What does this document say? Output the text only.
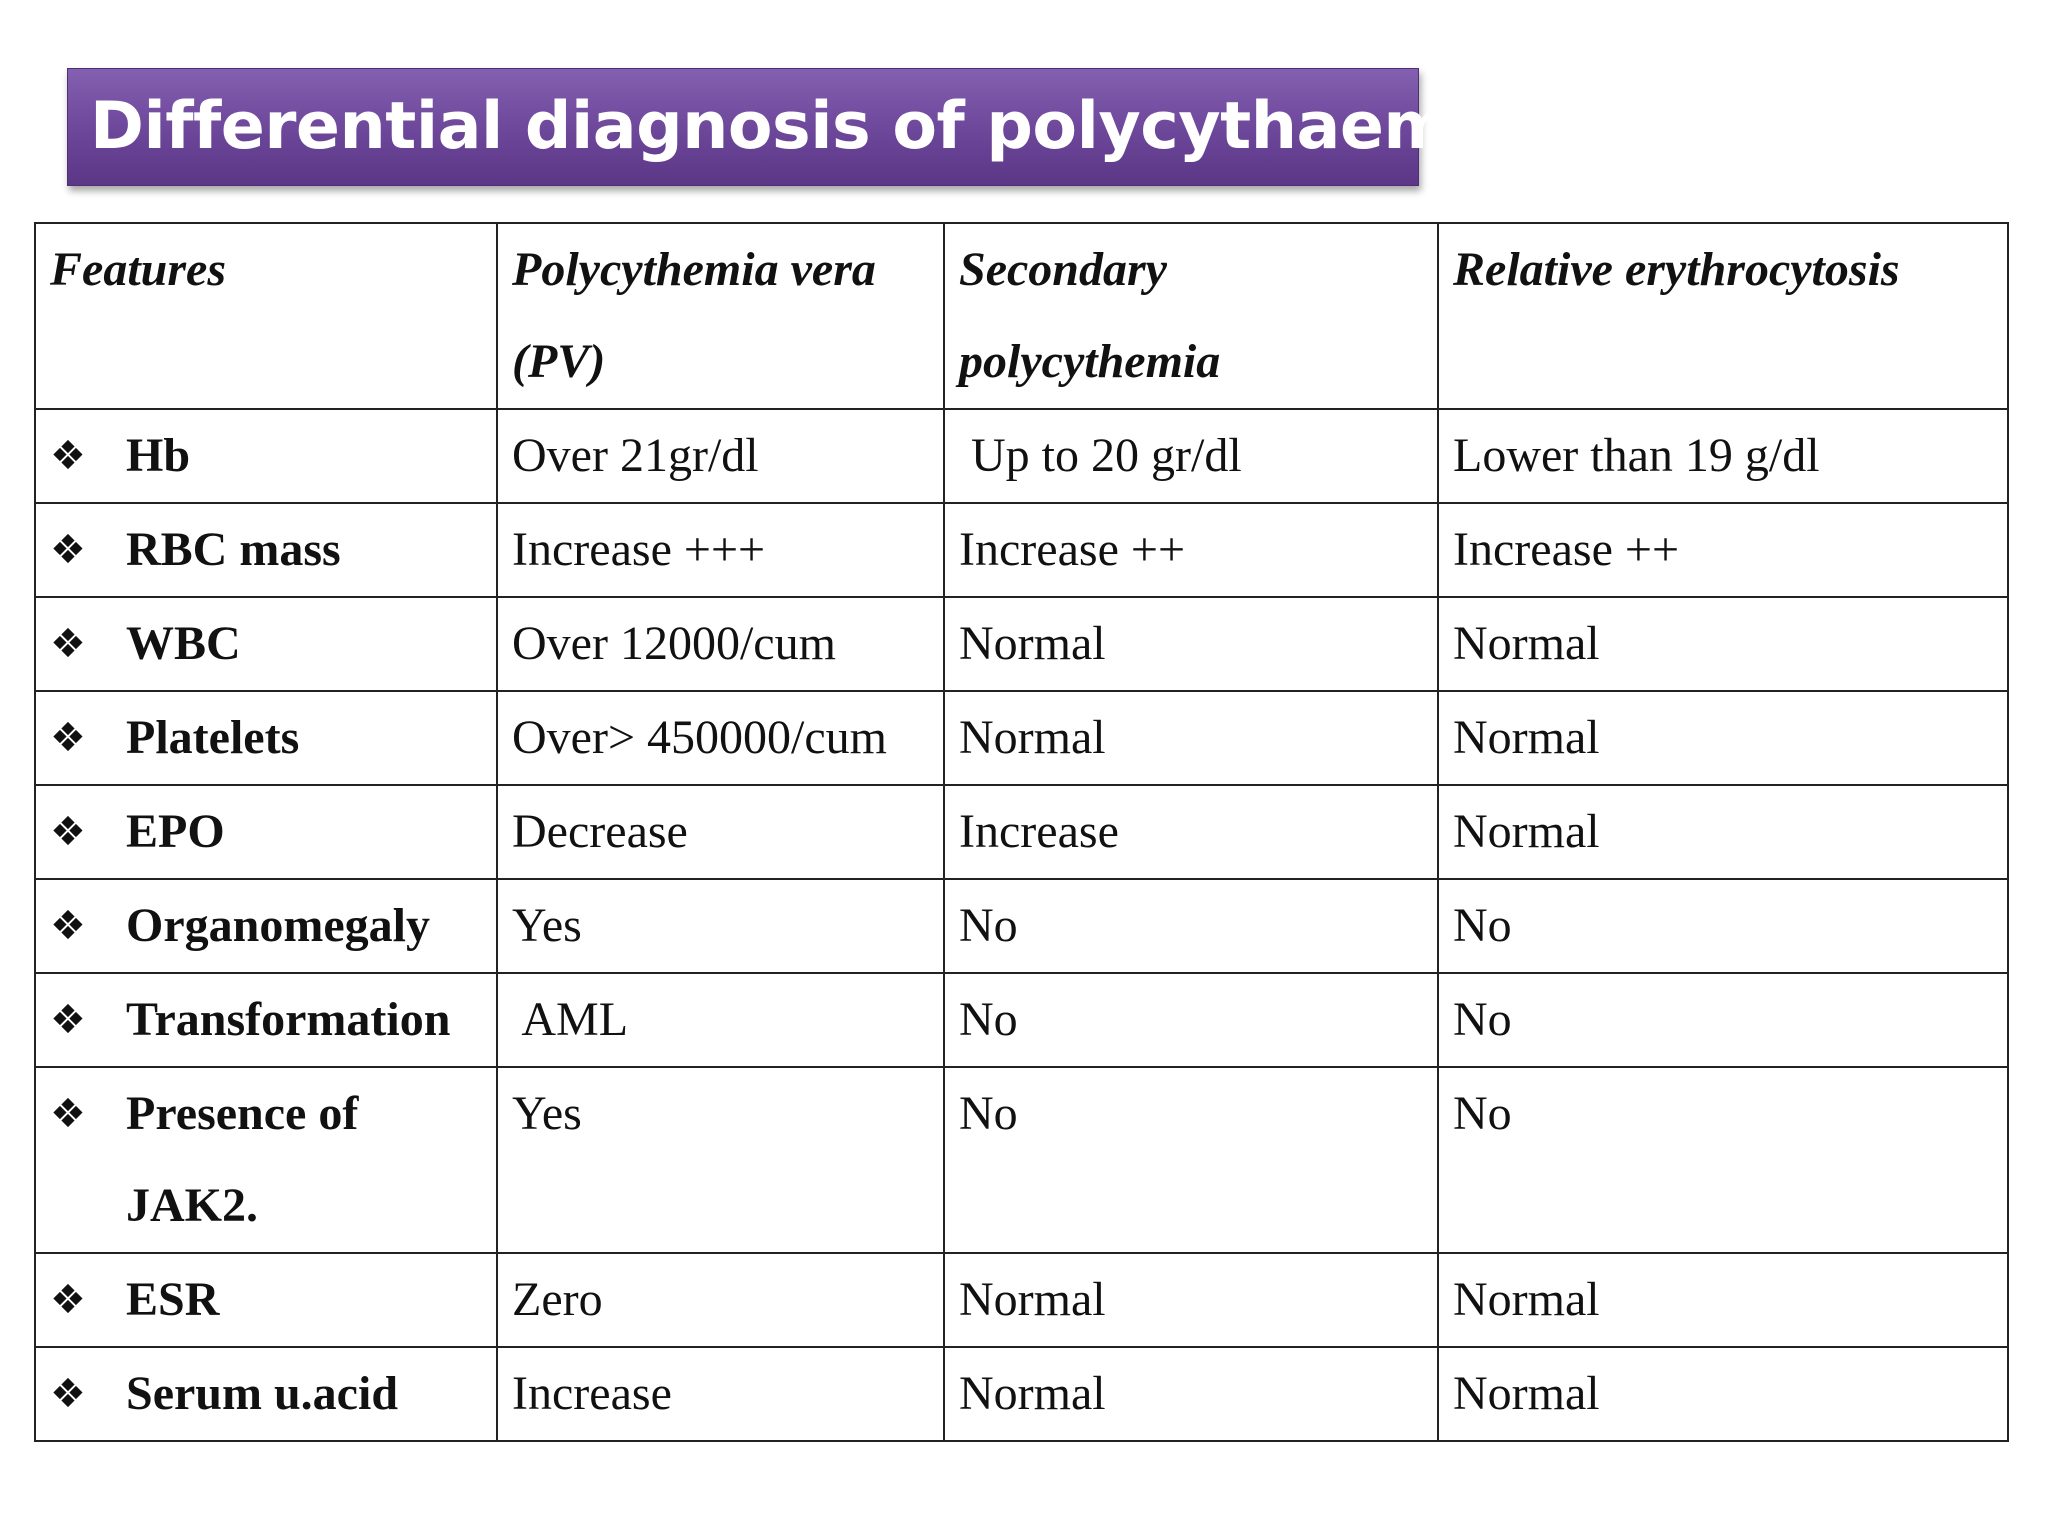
Differential diagnosis of polycythaemia
Features	Polycythemia vera (PV)	Secondary polycythemia	Relative erythrocytosis

❖ Hb	Over 21gr/dl	Up to 20 gr/dl	Lower than 19 g/dl

❖ RBC mass	Increase +++	Increase ++	Increase ++

❖ WBC	Over 12000/cum	Normal	Normal

❖ Platelets	Over> 450000/cum	Normal	Normal

❖ EPO	Decrease	Increase	Normal

❖ Organomegaly	Yes	No	No

❖ Transformation	AML	No	No

❖ Presence of JAK2.	Yes	No	No

❖ ESR	Zero	Normal	Normal

❖ Serum u.acid	Increase	Normal	Normal
